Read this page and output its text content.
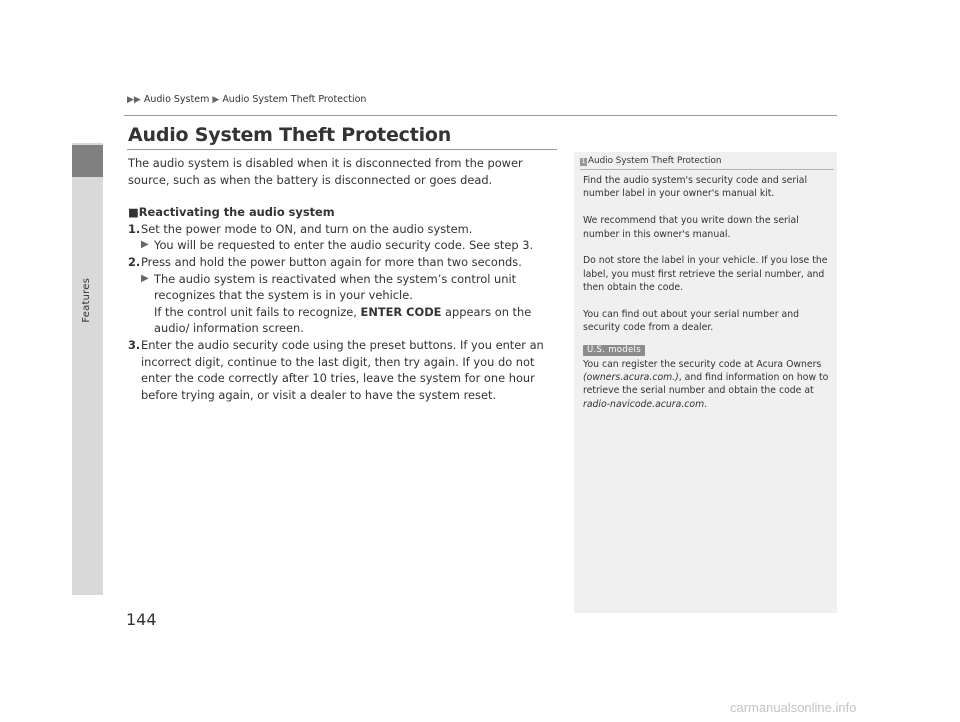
Features
▶▶ Audio System ▶ Audio System Theft Protection
Audio System Theft Protection

The audio system is disabled when it is disconnected from the power source, such as when the battery is disconnected or goes dead.

■Reactivating the audio system

1. Set the power mode to ON, and turn on the audio system.
▶ You will be requested to enter the audio security code. See step 3.
2. Press and hold the power button again for more than two seconds.
▶ The audio system is reactivated when the system’s control unit recognizes that the system is in your vehicle.
If the control unit fails to recognize, ENTER CODE appears on the audio/ information screen.
3. Enter the audio security code using the preset buttons. If you enter an incorrect digit, continue to the last digit, then try again. If you do not enter the code correctly after 10 tries, leave the system for one hour before trying again, or visit a dealer to have the system reset.
1 Audio System Theft Protection

Find the audio system's security code and serial number label in your owner's manual kit.

We recommend that you write down the serial number in this owner's manual.

Do not store the label in your vehicle. If you lose the label, you must first retrieve the serial number, and then obtain the code.

You can find out about your serial number and security code from a dealer.

U.S. models

You can register the security code at Acura Owners (owners.acura.com.), and find information on how to retrieve the serial number and obtain the code at radio-navicode.acura.com.

144
carmanualsonline.info
